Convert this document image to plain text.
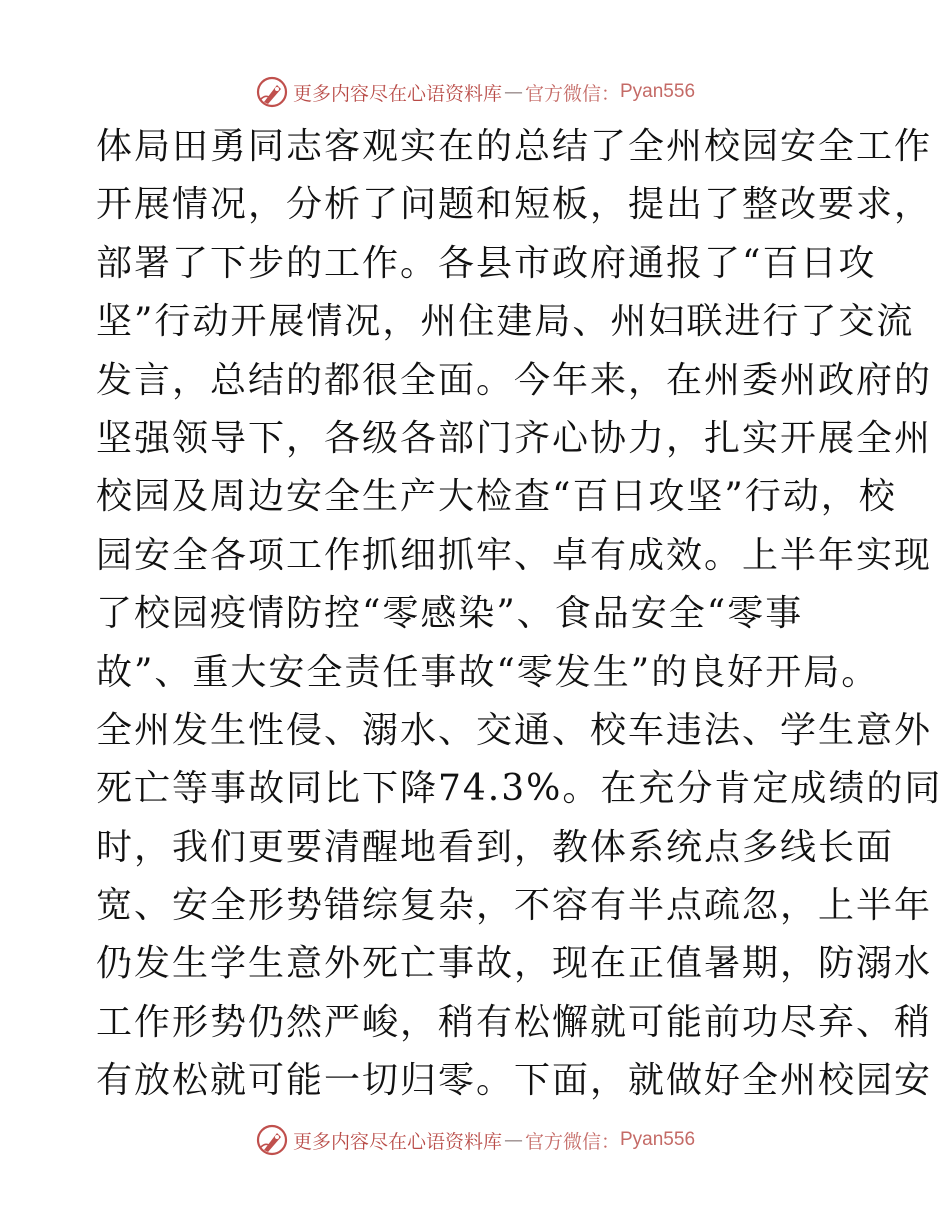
更多内容尽在心语资料库 — 官方微信： Pyan556
体局田勇同志客观实在的总结了全州校园安全工作
开展情况，分析了问题和短板，提出了整改要求，
部署了下步的工作。各县市政府通报了“百日攻
坚”行动开展情况，州住建局、州妇联进行了交流
发言，总结的都很全面。今年来，在州委州政府的
坚强领导下，各级各部门齐心协力，扎实开展全州
校园及周边安全生产大检查“百日攻坚”行动，校
园安全各项工作抓细抓牢、卓有成效。上半年实现
了校园疫情防控“零感染”、食品安全“零事
故”、重大安全责任事故“零发生”的良好开局。
全州发生性侵、溺水、交通、校车违法、学生意外
死亡等事故同比下降74.3%。在充分肯定成绩的同
时，我们更要清醒地看到，教体系统点多线长面
宽、安全形势错综复杂，不容有半点疏忽，上半年
仍发生学生意外死亡事故，现在正值暑期，防溺水
工作形势仍然严峻，稍有松懈就可能前功尽弃、稍
有放松就可能一切归零。下面，就做好全州校园安
更多内容尽在心语资料库 — 官方微信： Pyan556
